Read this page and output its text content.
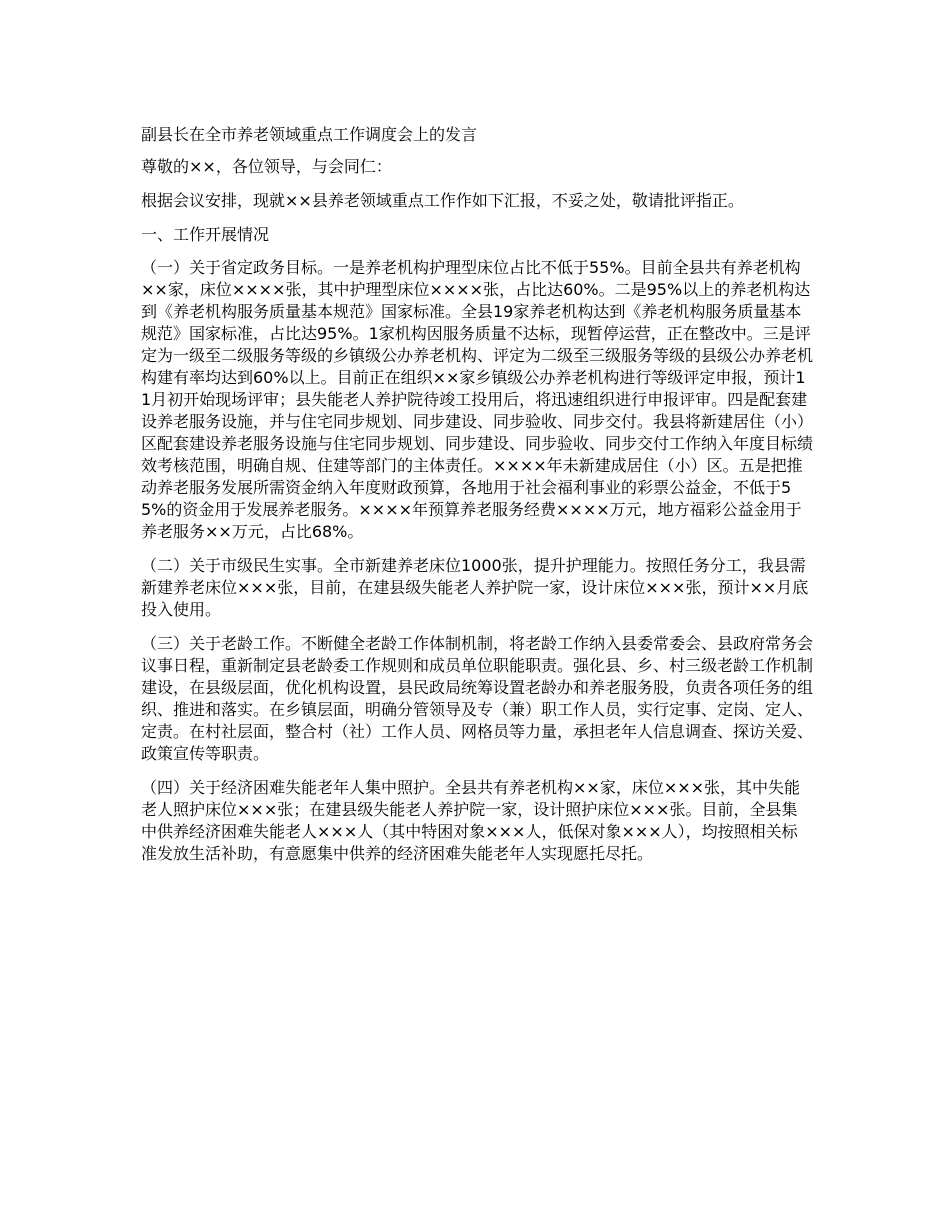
副县长在全市养老领域重点工作调度会上的发言

尊敬的××，各位领导，与会同仁：

根据会议安排，现就××县养老领域重点工作作如下汇报，不妥之处，敬请批评指正。

一、工作开展情况

（一）关于省定政务目标。一是养老机构护理型床位占比不低于55%。目前全县共有养老机构××家，床位××××张，其中护理型床位××××张，占比达60%。二是95%以上的养老机构达到《养老机构服务质量基本规范》国家标准。全县19家养老机构达到《养老机构服务质量基本规范》国家标准，占比达95%。1家机构因服务质量不达标，现暂停运营，正在整改中。三是评定为一级至二级服务等级的乡镇级公办养老机构、评定为二级至三级服务等级的县级公办养老机构建有率均达到60%以上。目前正在组织××家乡镇级公办养老机构进行等级评定申报，预计11月初开始现场评审；县失能老人养护院待竣工投用后，将迅速组织进行申报评审。四是配套建设养老服务设施，并与住宅同步规划、同步建设、同步验收、同步交付。我县将新建居住（小）区配套建设养老服务设施与住宅同步规划、同步建设、同步验收、同步交付工作纳入年度目标绩效考核范围，明确自规、住建等部门的主体责任。××××年未新建成居住（小）区。五是把推动养老服务发展所需资金纳入年度财政预算，各地用于社会福利事业的彩票公益金，不低于55%的资金用于发展养老服务。××××年预算养老服务经费××××万元，地方福彩公益金用于养老服务××万元，占比68%。

（二）关于市级民生实事。全市新建养老床位1000张，提升护理能力。按照任务分工，我县需新建养老床位×××张，目前，在建县级失能老人养护院一家，设计床位×××张，预计××月底投入使用。

（三）关于老龄工作。不断健全老龄工作体制机制，将老龄工作纳入县委常委会、县政府常务会议事日程，重新制定县老龄委工作规则和成员单位职能职责。强化县、乡、村三级老龄工作机制建设，在县级层面，优化机构设置，县民政局统筹设置老龄办和养老服务股，负责各项任务的组织、推进和落实。在乡镇层面，明确分管领导及专（兼）职工作人员，实行定事、定岗、定人、定责。在村社层面，整合村（社）工作人员、网格员等力量，承担老年人信息调查、探访关爱、政策宣传等职责。

（四）关于经济困难失能老年人集中照护。全县共有养老机构××家，床位×××张，其中失能老人照护床位×××张；在建县级失能老人养护院一家，设计照护床位×××张。目前，全县集中供养经济困难失能老人×××人（其中特困对象×××人，低保对象×××人），均按照相关标准发放生活补助，有意愿集中供养的经济困难失能老年人实现愿托尽托。
